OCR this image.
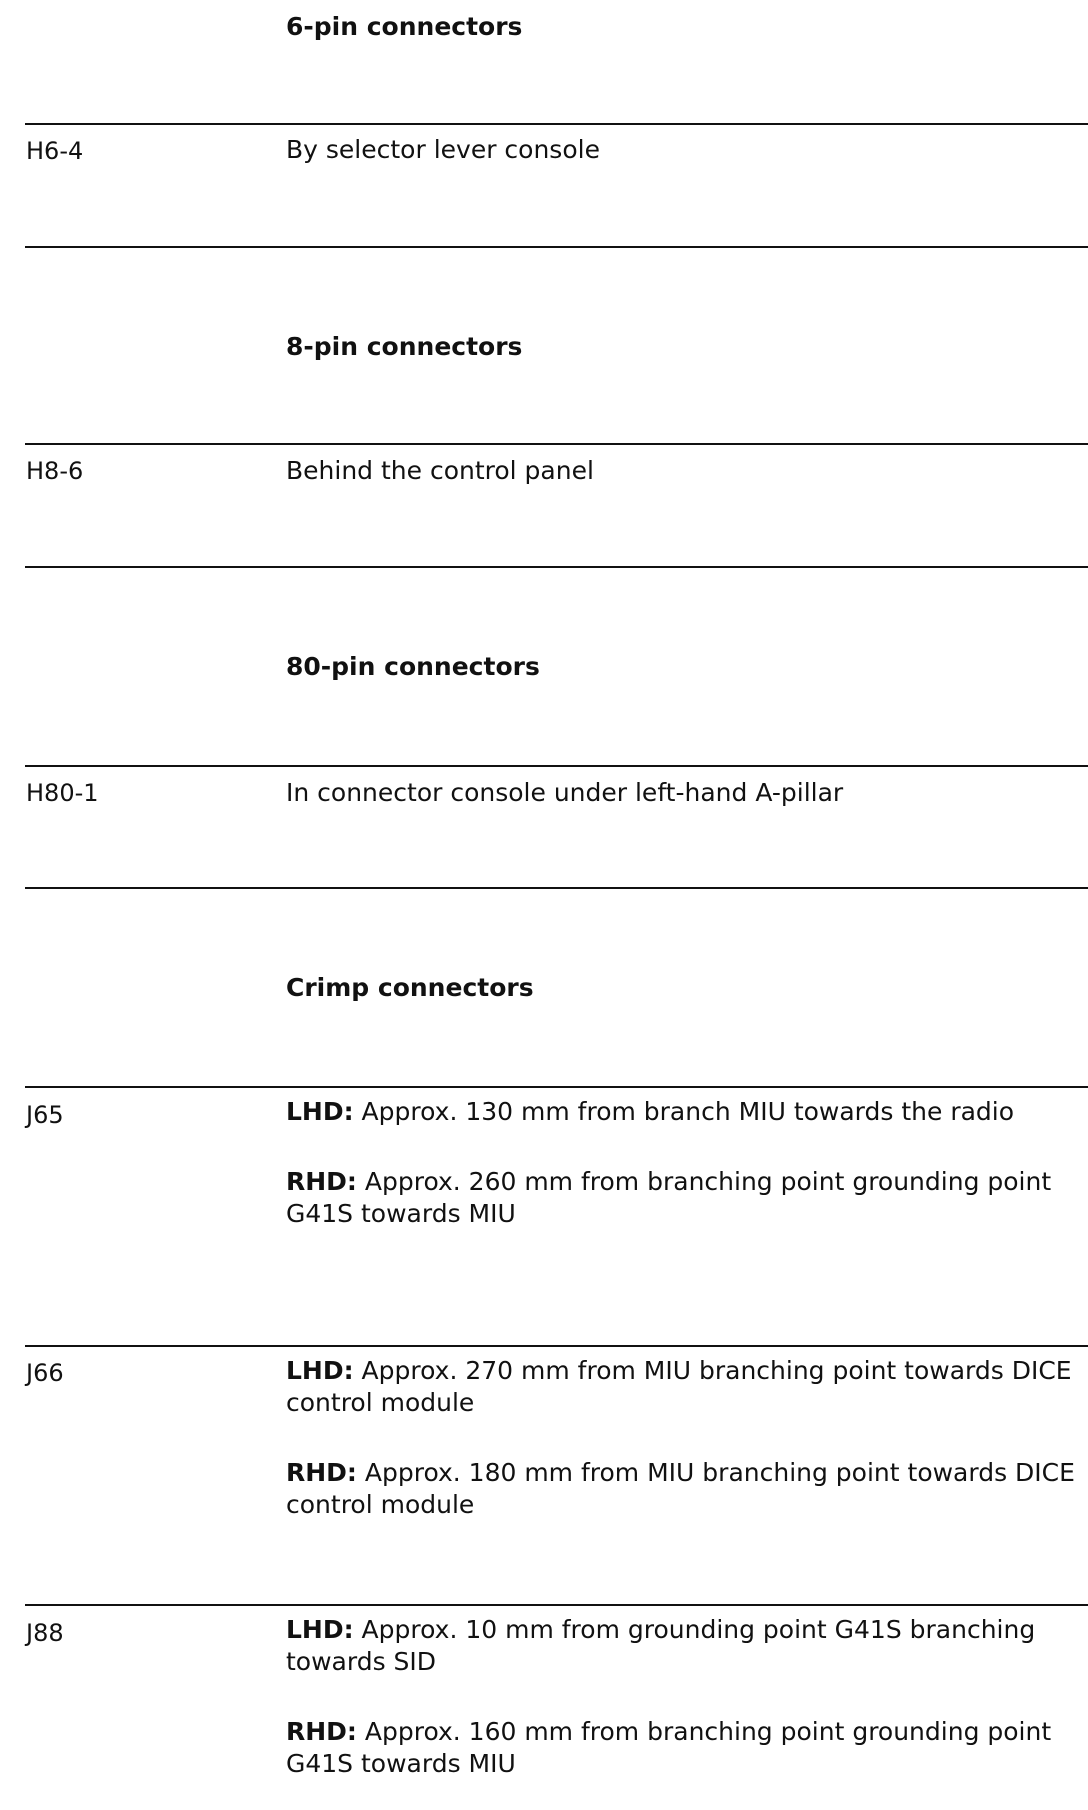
6-pin connectors
H6-4	By selector lever console
8-pin connectors
H8-6	Behind the control panel
80-pin connectors
H80-1	In connector console under left-hand A-pillar
Crimp connectors
J65	LHD: Approx. 130 mm from branch MIU towards the radio

RHD: Approx. 260 mm from branching point grounding point G41S towards MIU

J66	LHD: Approx. 270 mm from MIU branching point towards DICE control module

RHD: Approx. 180 mm from MIU branching point towards DICE control module

J88	LHD: Approx. 10 mm from grounding point G41S branching towards SID

RHD: Approx. 160 mm from branching point grounding point G41S towards MIU
